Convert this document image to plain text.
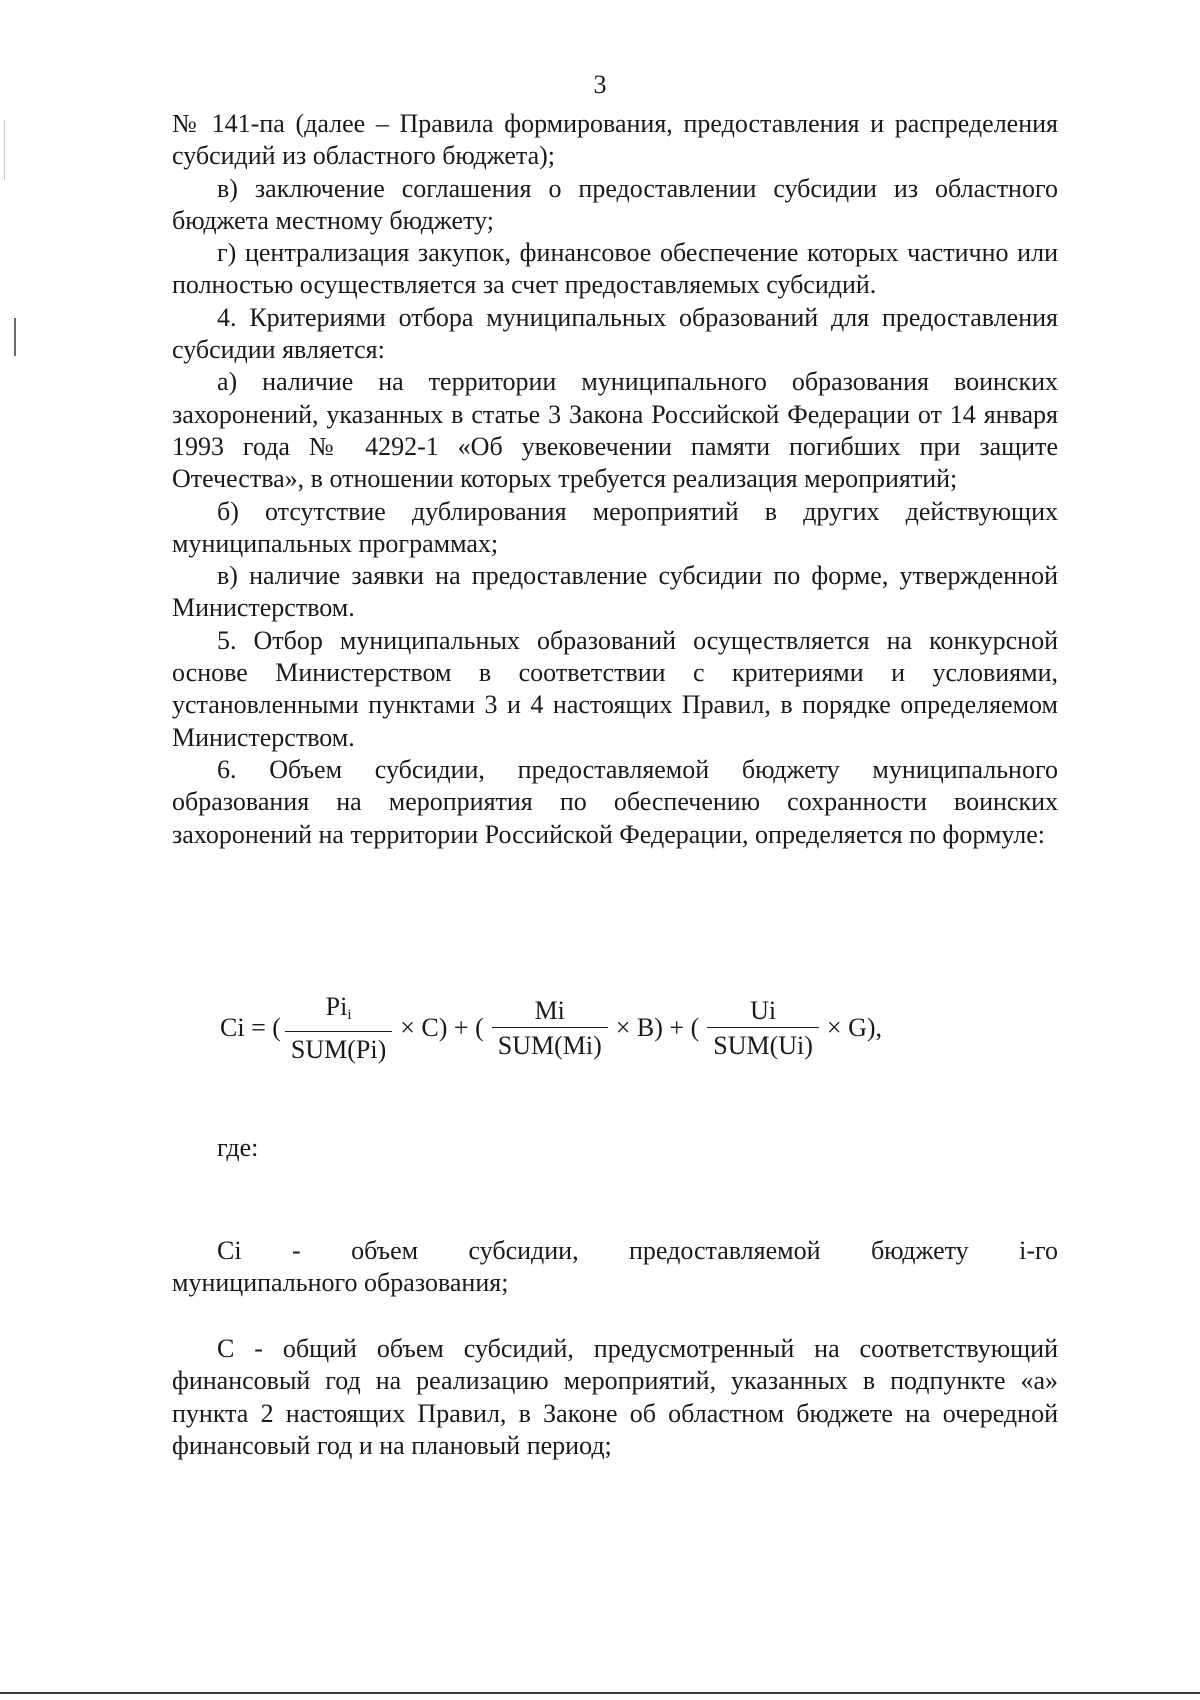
3

№ 141-па (далее – Правила формирования, предоставления и распределения субсидий из областного бюджета);

в) заключение соглашения о предоставлении субсидии из областного бюджета местному бюджету;

г) централизация закупок, финансовое обеспечение которых частично или полностью осуществляется за счет предоставляемых субсидий.

4. Критериями отбора муниципальных образований для предоставления субсидии является:

а) наличие на территории муниципального образования воинских захоронений, указанных в статье 3 Закона Российской Федерации от 14 января 1993 года № 4292-1 «Об увековечении памяти погибших при защите Отечества», в отношении которых требуется реализация мероприятий;

б) отсутствие дублирования мероприятий в других действующих муниципальных программах;

в) наличие заявки на предоставление субсидии по форме, утвержденной Министерством.

5. Отбор муниципальных образований осуществляется на конкурсной основе Министерством в соответствии с критериями и условиями, установленными пунктами 3 и 4 настоящих Правил, в порядке определяемом Министерством.

6. Объем субсидии, предоставляемой бюджету муниципального образования на мероприятия по обеспечению сохранности воинских захоронений на территории Российской Федерации, определяется по формуле:

Ci = ( $\frac{Pi_i}{\text{SUM(Pi)}} \times C$) + ( $\frac{Mi}{\text{SUM(Mi)}} \times B$) + ( $\frac{Ui}{\text{SUM(Ui)}} \times G$),
где:
Ci - объем субсидии, предоставляемой бюджету i-го
муниципального образования;

С - общий объем субсидий, предусмотренный на соответствующий финансовый год на реализацию мероприятий, указанных в подпункте «а» пункта 2 настоящих Правил, в Законе об областном бюджете на очередной финансовый год и на плановый период;
